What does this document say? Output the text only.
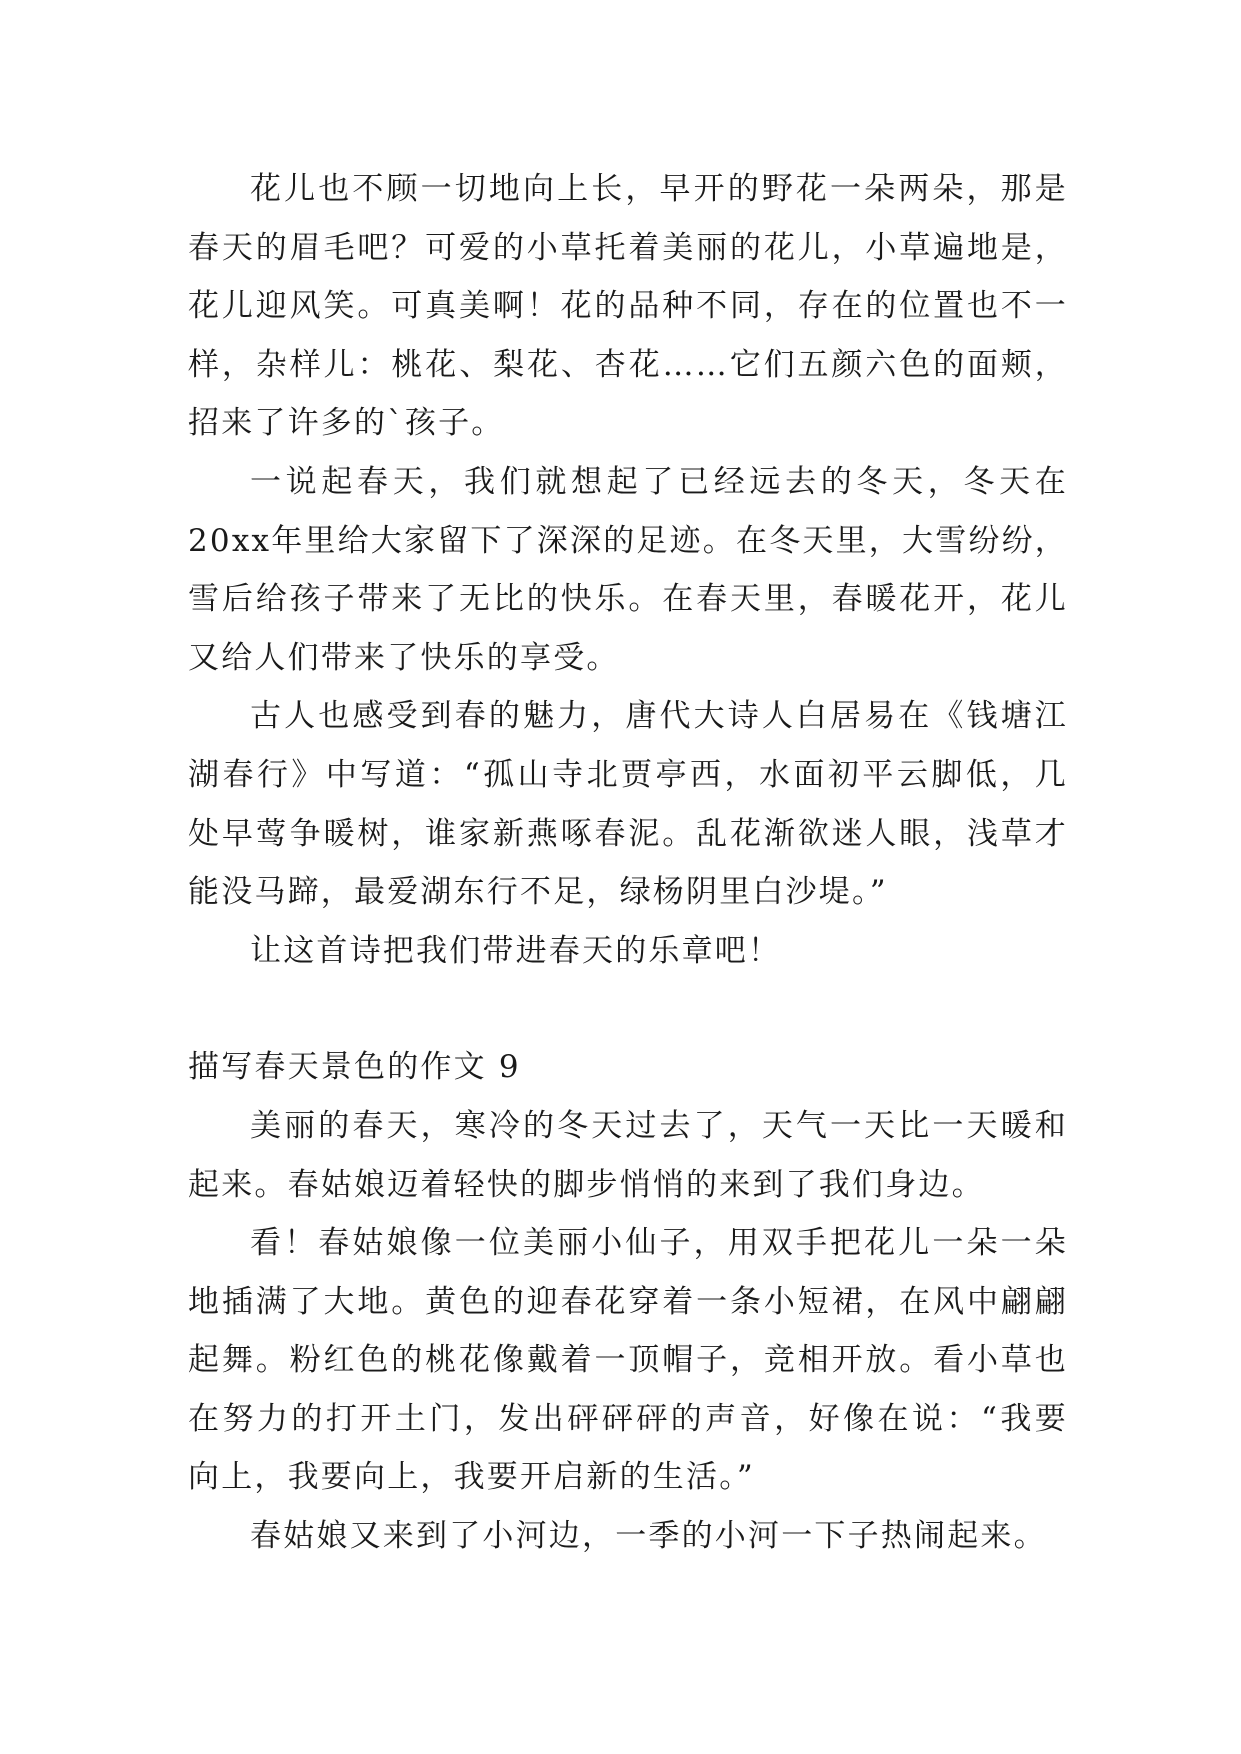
花儿也不顾一切地向上长，早开的野花一朵两朵，那是春天的眉毛吧？可爱的小草托着美丽的花儿，小草遍地是，花儿迎风笑。可真美啊！花的品种不同，存在的位置也不一样，杂样儿：桃花、梨花、杏花……它们五颜六色的面颊，招来了许多的`孩子。

一说起春天，我们就想起了已经远去的冬天，冬天在20xx年里给大家留下了深深的足迹。在冬天里，大雪纷纷，雪后给孩子带来了无比的快乐。在春天里，春暖花开，花儿又给人们带来了快乐的享受。

古人也感受到春的魅力，唐代大诗人白居易在《钱塘江湖春行》中写道：“孤山寺北贾亭西，水面初平云脚低，几处早莺争暖树，谁家新燕啄春泥。乱花渐欲迷人眼，浅草才能没马蹄，最爱湖东行不足，绿杨阴里白沙堤。”

让这首诗把我们带进春天的乐章吧！

描写春天景色的作文 9

美丽的春天，寒冷的冬天过去了，天气一天比一天暖和起来。春姑娘迈着轻快的脚步悄悄的来到了我们身边。

看！春姑娘像一位美丽小仙子，用双手把花儿一朵一朵地插满了大地。黄色的迎春花穿着一条小短裙，在风中翩翩起舞。粉红色的桃花像戴着一顶帽子，竞相开放。看小草也在努力的打开土门，发出砰砰砰的声音，好像在说：“我要向上，我要向上，我要开启新的生活。”

春姑娘又来到了小河边，一季的小河一下子热闹起来。
